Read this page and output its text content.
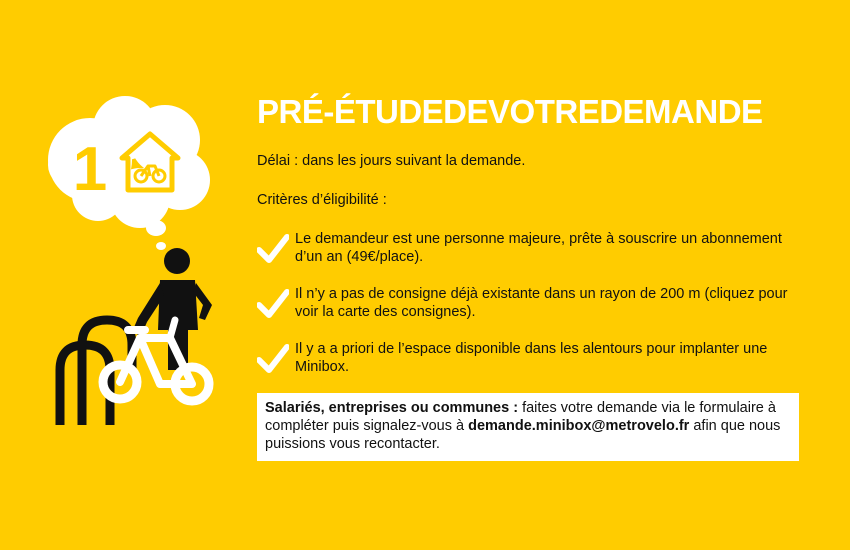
1
PRÉ-ÉTUDEDEVOTREDEMANDE

Délai : dans les jours suivant la demande.

Critères d’éligibilité :

Le demandeur est une personne majeure, prête à souscrire un abonnement d’un an (49€/place).
Il n’y a pas de consigne déjà existante dans un rayon de 200 m (cliquez pour voir la carte des consignes).
Il y a a priori de l’espace disponible dans les alentours pour implanter une Minibox.
Salariés, entreprises ou communes : faites votre demande via le formulaire à compléter puis signalez-vous à demande.minibox@metrovelo.fr afin que nous puissions vous recontacter.
